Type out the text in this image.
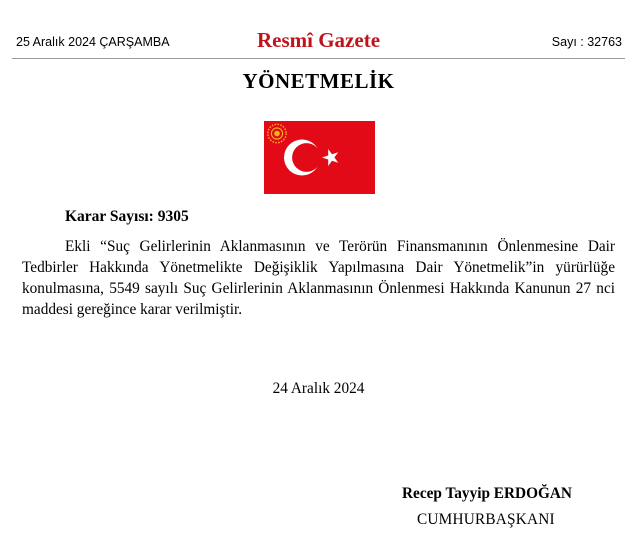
25 Aralık 2024 ÇARŞAMBA	Resmî Gazete	Sayı : 32763
YÖNETMELİK
Karar Sayısı: 9305

Ekli “Suç Gelirlerinin Aklanmasının ve Terörün Finansmanının Önlenmesine Dair Tedbirler Hakkında Yönetmelikte Değişiklik Yapılmasına Dair Yönetmelik”in yürürlüğe konulmasına, 5549 sayılı Suç Gelirlerinin Aklanmasının Önlenmesi Hakkında Kanunun 27 nci maddesi gereğince karar verilmiştir.

24 Aralık 2024
Recep Tayyip ERDOĞAN
CUMHURBAŞKANI
